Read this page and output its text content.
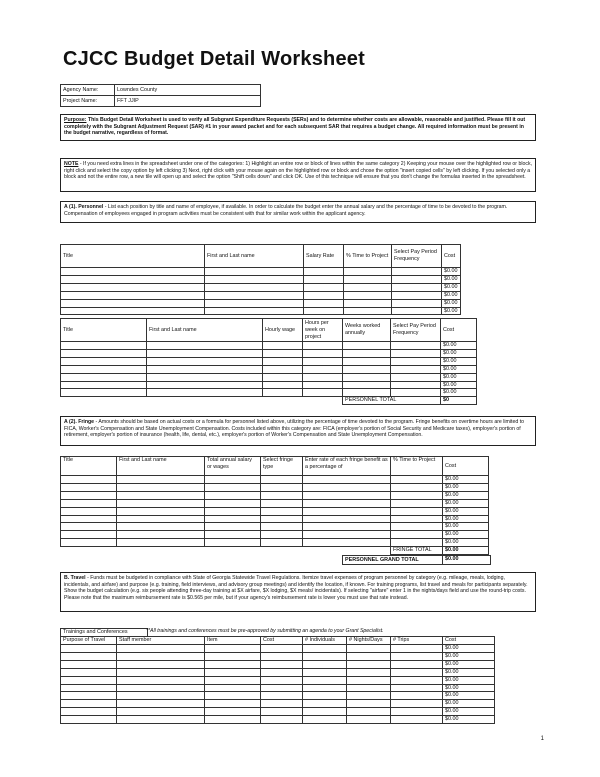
CJCC Budget Detail Worksheet
Agency Name:	Lowndes County
Project Name:	FFT JJIP
Purpose: This Budget Detail Worksheet is used to verify all Subgrant Expenditure Requests (SERs) and to determine whether costs are allowable, reasonable and justified. Please fill it out completely with the Subgrant Adjustment Request (SAR) #1 in your award packet and for each subsequent SAR that requires a budget change. All required information must be present in the budget narrative, regardless of format.
NOTE - If you need extra lines in the spreadsheet under one of the categories: 1) Highlight an entire row or block of lines within the same category 2) Keeping your mouse over the highlighted row or block, right click and select the copy option by left clicking 3) Next, right click with your mouse again on the highlighted row or block and chose the option "insert copied cells" by left clicking. If you selected only a block and not the entire row, a new tile will open up and select the option "Shift cells down" and click OK. Use of this technique will ensure that you don't change the formulas inserted in the spreadsheet.
A (1). Personnel - List each position by title and name of employee, if available. In order to calculate the budget enter the annual salary and the percentage of time to be devoted to the program. Compensation of employees engaged in program activities must be consistent with that for similar work within the applicant agency.
Title	First and Last name	Salary Rate	% Time to Project	Select Pay Period Frequency	Cost
					$0.00
					$0.00
					$0.00
					$0.00
					$0.00
					$0.00
Title	First and Last name	Hourly wage	Hours per week on project	Weeks worked annually	Select Pay Period Frequency	Cost
						$0.00
						$0.00
						$0.00
						$0.00
						$0.00
						$0.00
						$0.00
				PERSONNEL TOTAL		$0
A (2). Fringe - Amounts should be based on actual costs or a formula for personnel listed above, utilizing the percentage of time devoted to the program. Fringe benefits on overtime hours are limited to FICA, Worker's Compensation and State Unemployment Compensation. Costs included within this category are: FICA (employer's portion of Social Security and Medicare taxes), employer's portion of retirement, employer's portion of insurance (health, life, dental, etc.), employer's portion of Worker's Compensation and State Unemployment Compensation.
Title	First and Last name	Total annual salary or wages	Select fringe type	Enter rate of each fringe benefit as a percentage of	% Time to Project	Cost
						$0.00
						$0.00
						$0.00
						$0.00
						$0.00
						$0.00
						$0.00
						$0.00
						$0.00
					FRINGE TOTAL	$0.00
PERSONNEL GRAND TOTAL	$0.00
B. Travel - Funds must be budgeted in compliance with State of Georgia Statewide Travel Regulations. Itemize travel expenses of program personnel by category (e.g. mileage, meals, lodging, incidentals, and airfare) and purpose (e.g. training, field interviews, and advisory group meetings) and identify the location, if known. For training programs, list travel and meals for participants separately. Show the budget calculation (e.g. six people attending three-day training at $X airfare, $X lodging, $X meals/ incidentals). If selecting "airfare" enter 1 in the nights/days field and use the round-trip costs. Please note that the maximum reimbursement rate is $0.565 per mile, but if your agency's reimbursement rate is lower you must use that rate instead.
Trainings and Conferences	**All trainings and conferences must be pre-approved by submitting an agenda to your Grant Specialist.
Purpose of Travel	Staff member	Item	Cost	# Individuals	# Nights/Days	# Trips	Cost
							$0.00
							$0.00
							$0.00
							$0.00
							$0.00
							$0.00
							$0.00
							$0.00
							$0.00
							$0.00
1
